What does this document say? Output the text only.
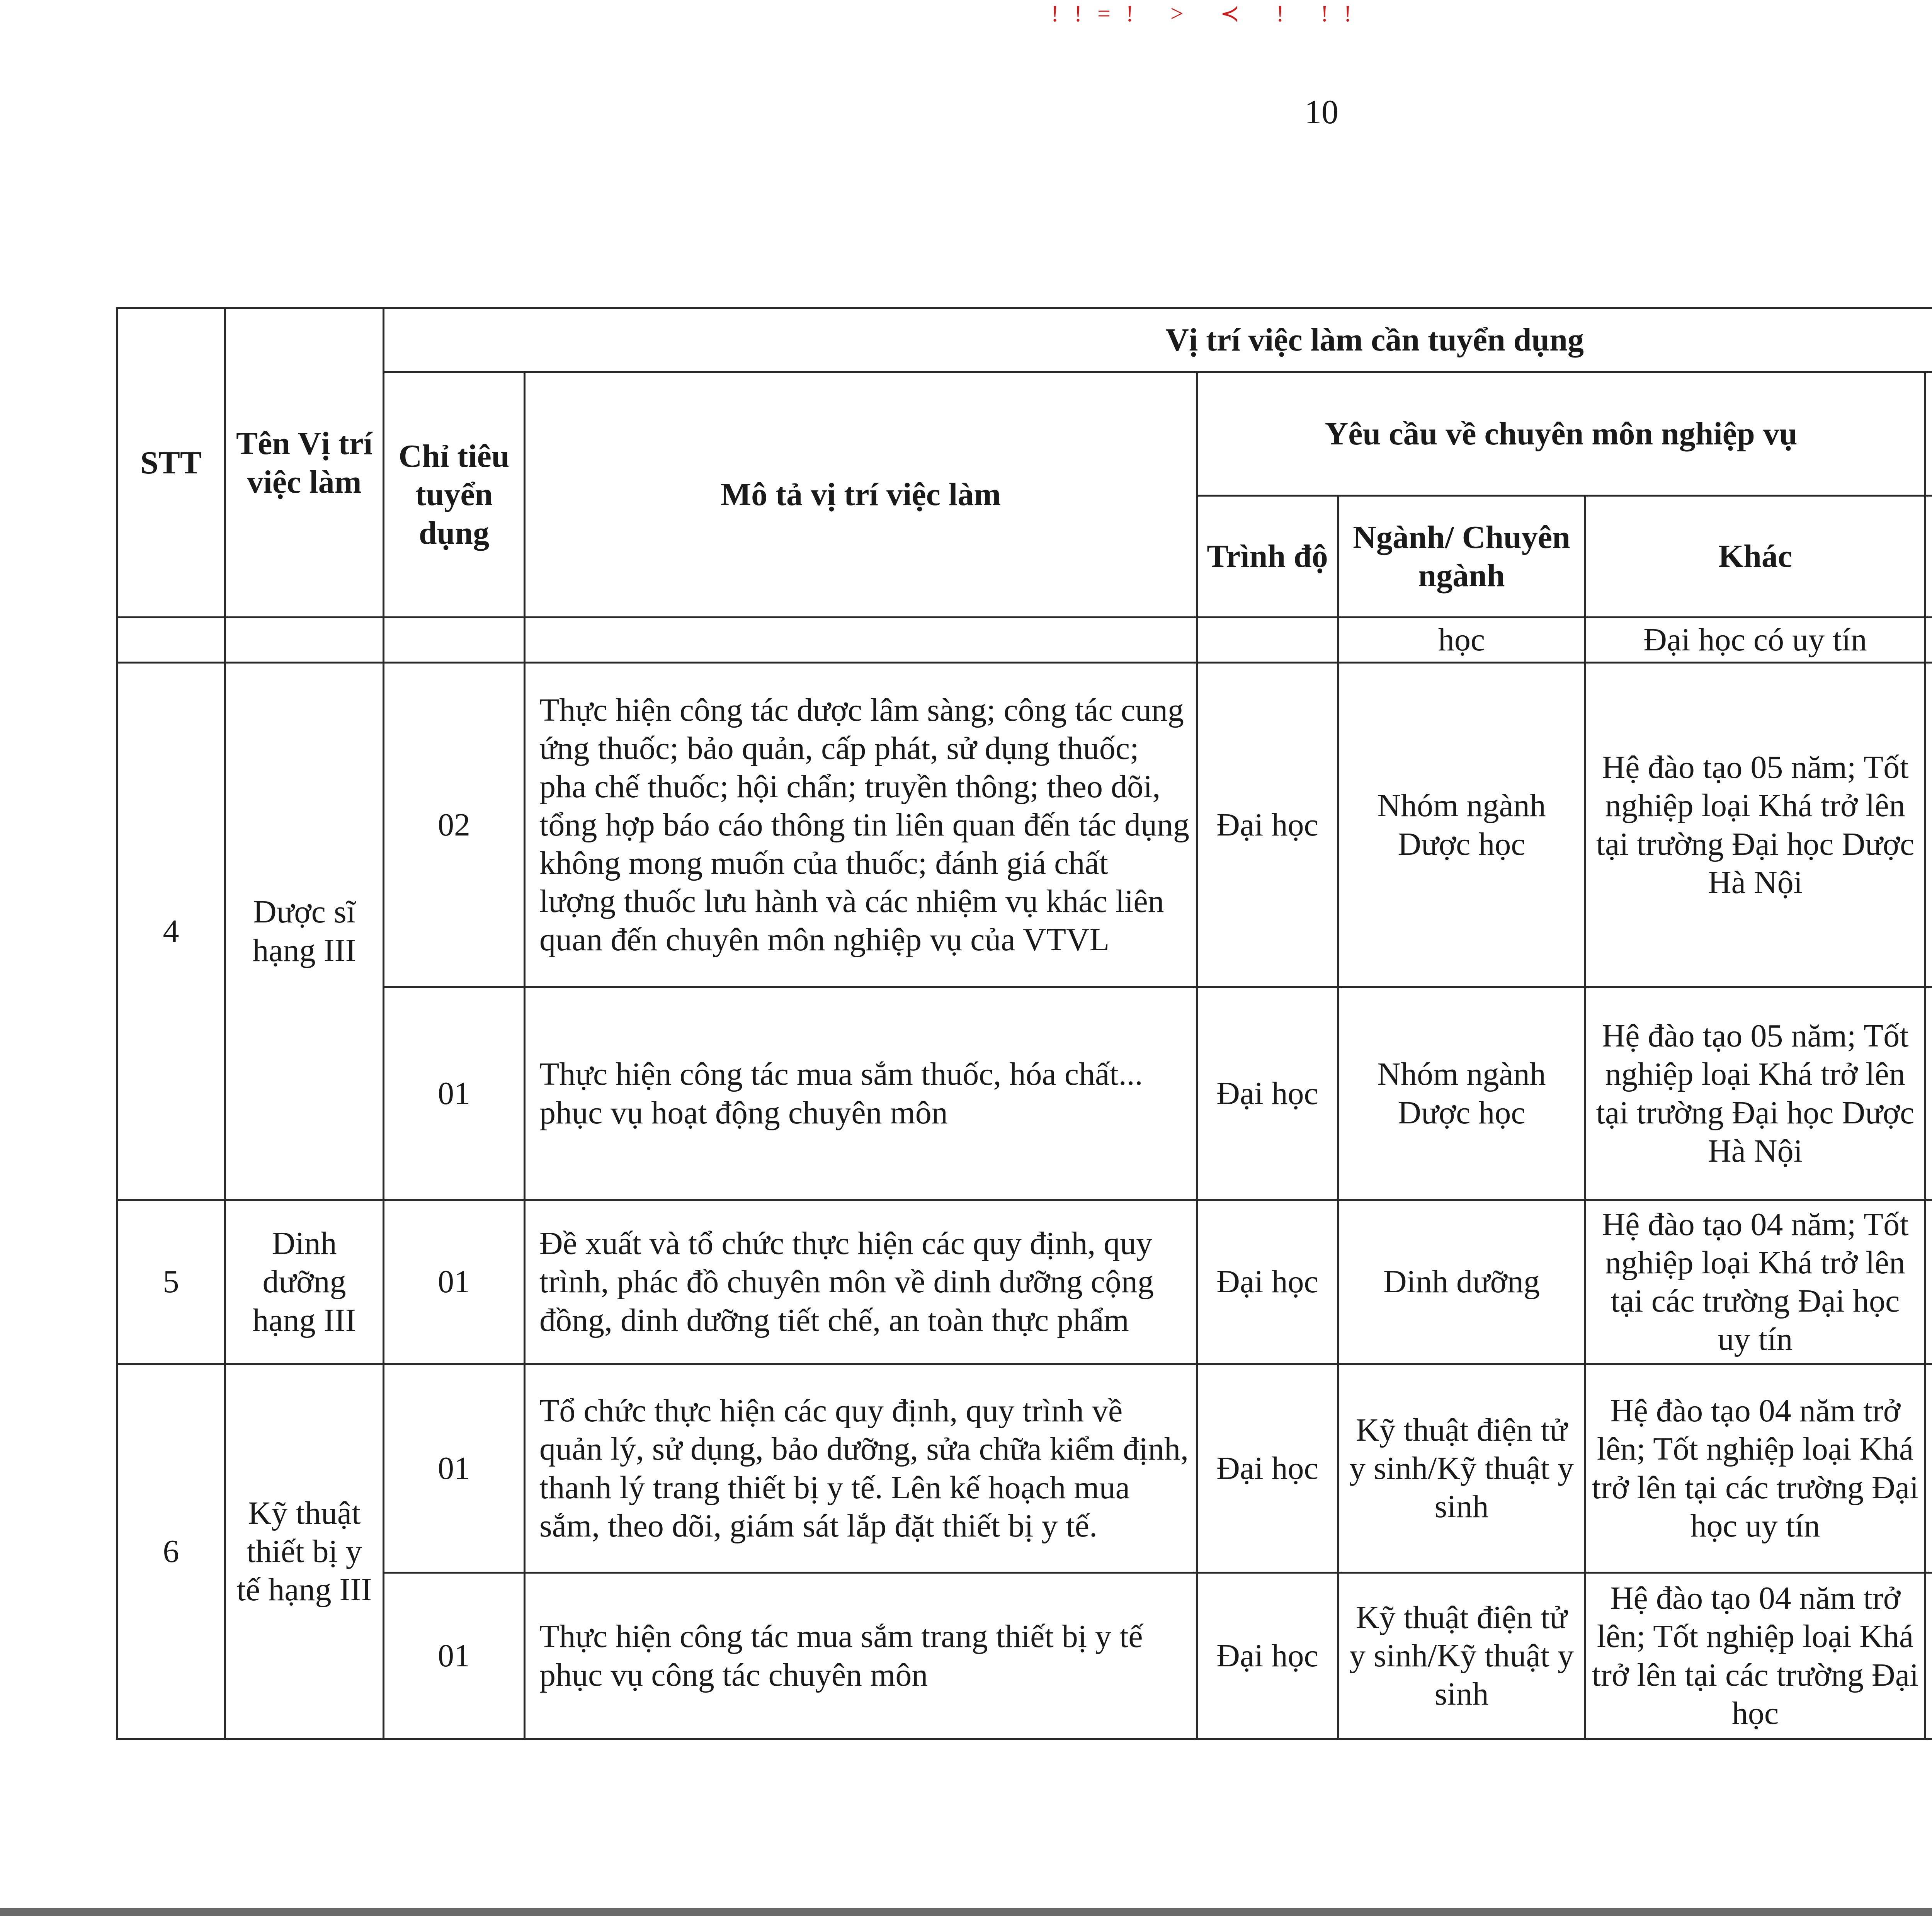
!!=! > ≺ ! !!
10
STT	Tên Vị trí việc làm	Vị trí việc làm cần tuyển dụng	
		Chỉ tiêu tuyển dụng	Mô tả vị trí việc làm	Yêu cầu về chuyên môn nghiệp vụ		
				Trình độ	Ngành/ Chuyên ngành	Khác			
					học	Đại học có uy tín				
4	Dược sĩ hạng III	02	Thực hiện công tác dược lâm sàng; công tác cung ứng thuốc; bảo quản, cấp phát, sử dụng thuốc; pha chế thuốc; hội chẩn; truyền thông; theo dõi, tổng hợp báo cáo thông tin liên quan đến tác dụng không mong muốn của thuốc; đánh giá chất lượng thuốc lưu hành và các nhiệm vụ khác liên quan đến chuyên môn nghiệp vụ của VTVL	Đại học	Nhóm ngành Dược học	Hệ đào tạo 05 năm; Tốt nghiệp loại Khá trở lên tại trường Đại học Dược Hà Nội				
		01	Thực hiện công tác mua sắm thuốc, hóa chất... phục vụ hoạt động chuyên môn	Đại học	Nhóm ngành Dược học	Hệ đào tạo 05 năm; Tốt nghiệp loại Khá trở lên tại trường Đại học Dược Hà Nội				
5	Dinh dưỡng hạng III	01	Đề xuất và tổ chức thực hiện các quy định, quy trình, phác đồ chuyên môn về dinh dưỡng cộng đồng, dinh dưỡng tiết chế, an toàn thực phẩm	Đại học	Dinh dưỡng	Hệ đào tạo 04 năm; Tốt nghiệp loại Khá trở lên tại các trường Đại học uy tín				
6	Kỹ thuật thiết bị y tế hạng III	01	Tổ chức thực hiện các quy định, quy trình về quản lý, sử dụng, bảo dưỡng, sửa chữa kiểm định, thanh lý trang thiết bị y tế. Lên kế hoạch mua sắm, theo dõi, giám sát lắp đặt thiết bị y tế.	Đại học	Kỹ thuật điện tử y sinh/Kỹ thuật y sinh	Hệ đào tạo 04 năm trở lên; Tốt nghiệp loại Khá trở lên tại các trường Đại học uy tín				
		01	Thực hiện công tác mua sắm trang thiết bị y tế phục vụ công tác chuyên môn	Đại học	Kỹ thuật điện tử y sinh/Kỹ thuật y sinh	Hệ đào tạo 04 năm trở lên; Tốt nghiệp loại Khá trở lên tại các trường Đại học				
